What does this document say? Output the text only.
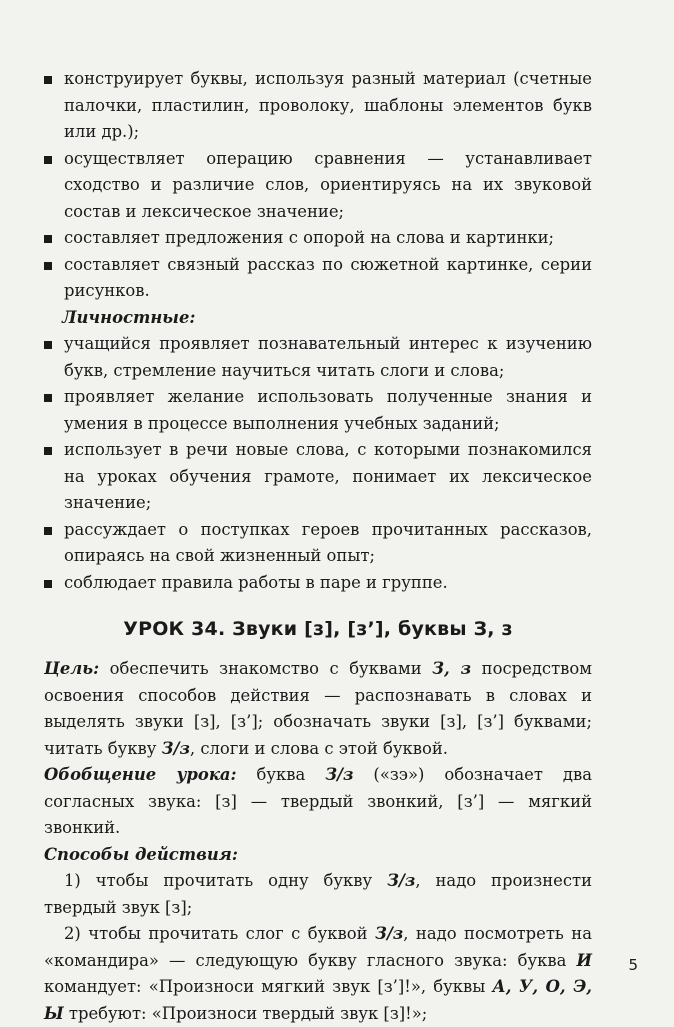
конструирует буквы, используя разный материал (счетные палочки, пластилин, проволоку, шаблоны элементов букв или др.);
осуществляет операцию сравнения — устанавливает сходство и различие слов, ориентируясь на их звуковой состав и лексическое значение;
составляет предложения с опорой на слова и картинки;
составляет связный рассказ по сюжетной картинке, серии рисунков.
Личностные:
учащийся проявляет познавательный интерес к изучению букв, стремление научиться читать слоги и слова;
проявляет желание использовать полученные знания и умения в процессе выполнения учебных заданий;
использует в речи новые слова, с которыми познакомился на уроках обучения грамоте, понимает их лексическое значение;
рассуждает о поступках героев прочитанных рассказов, опираясь на свой жизненный опыт;
соблюдает правила работы в паре и группе.
УРОК 34. Звуки [з], [з’], буквы З, з
Цель: обеспечить знакомство с буквами З, з посредством освоения способов действия — распознавать в словах и выделять звуки [з], [з’]; обозначать звуки [з], [з’] буквами; читать букву З/з, слоги и слова с этой буквой.
Обобщение урока: буква З/з («зэ») обозначает два согласных звука: [з] — твердый звонкий, [з’] — мягкий звонкий.
Способы действия:
1) чтобы прочитать одну букву З/з, надо произнести твердый звук [з];
2) чтобы прочитать слог с буквой З/з, надо посмотреть на «командира» — следующую букву гласного звука: буква И командует: «Произноси мягкий звук [з’]!», буквы А, У, О, Э, Ы требуют: «Произноси твердый звук [з]!»;
5
